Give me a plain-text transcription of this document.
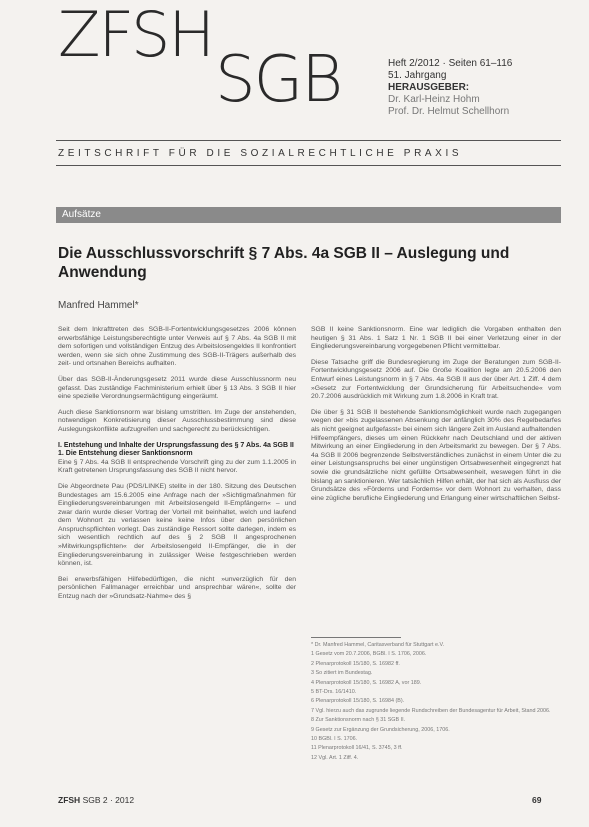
ZFSH
SGB	Heft 2/2012 · Seiten 61–116
51. Jahrgang
HERAUSGEBER:
Dr. Karl-Heinz Hohm
Prof. Dr. Helmut Schellhorn
ZEITSCHRIFT FÜR DIE SOZIALRECHTLICHE PRAXIS
Aufsätze
Die Ausschlussvorschrift § 7 Abs. 4a SGB II – Auslegung und Anwendung
Manfred Hammel*

Seit dem Inkrafttreten des SGB-II-Fortentwicklungsgesetzes 2006 können erwerbsfähige Leistungsberechtigte unter Verweis auf § 7 Abs. 4a SGB II mit dem sofortigen und vollständigen Entzug des Arbeitslosengeldes II konfrontiert werden, wenn sie sich ohne Zustimmung des SGB-II-Trägers außerhalb des zeit- und ortsnahen Bereichs aufhalten.

Über das SGB-II-Änderungsgesetz 2011 wurde diese Ausschlussnorm neu gefasst. Das zuständige Fachministerium erhielt über § 13 Abs. 3 SGB II hier eine spezielle Verordnungsermächtigung eingeräumt.

Auch diese Sanktionsnorm war bislang umstritten. Im Zuge der anstehenden, notwendigen Konkretisierung dieser Ausschlussbestimmung sind diese Auslegungskonflikte aufzugreifen und sachgerecht zu berücksichtigen.

I. Entstehung und Inhalte der Ursprungsfassung des § 7 Abs. 4a SGB II
1. Die Entstehung dieser Sanktionsnorm

Eine § 7 Abs. 4a SGB II entsprechende Vorschrift ging zu der zum 1.1.2005 in Kraft getretenen Ursprungsfassung des SGB II nicht hervor.

Die Abgeordnete Pau (PDS/LINKE) stellte in der 180. Sitzung des Deutschen Bundestages am 15.6.2005 eine Anfrage nach der »Sichtigmaßnahmen für Eingliederungsvereinbarungen mit Arbeitslosengeld II-Empfängern« – und zwar darin wurde dieser Vortrag der Vorteil mit beinhaltet, welch und laufend dem Wohnort zu verlassen keine keine Infos über den persönlichen Anspruchspflichten vorlegt. Das zuständige Ressort sollte darlegen, indem es sich wesentlich rechtlich auf des § 2 SGB II angesprochenen »Mitwirkungspflichten« der Arbeitslosengeld II-Empfänger, die in der Eingliederungsvereinbarung in zulässiger Weise festgeschrieben werden können, ist.

Bei erwerbsfähigen Hilfebedürftigen, die nicht »unverzüglich für den persönlichen Fallmanager erreichbar und ansprechbar wären«, sollte der Entzug nach der »Grundsatz-Nahme« des §

SGB II keine Sanktionsnorm. Eine war lediglich die Vorgaben enthalten den heutigen § 31 Abs. 1 Satz 1 Nr. 1 SGB II bei einer Verletzung einer in der Eingliederungsvereinbarung vorgegebenen Pflicht vermittelbar.

Diese Tatsache griff die Bundesregierung im Zuge der Beratungen zum SGB-II-Fortentwicklungsgesetz 2006 auf. Die Große Koalition legte am 20.5.2006 den Entwurf eines Leistungsnorm in § 7 Abs. 4a SGB II aus der über Art. 1 Ziff. 4 dem »Gesetz zur Fortentwicklung der Grundsicherung für Arbeitsuchende« vom 20.7.2006 ausdrücklich mit Wirkung zum 1.8.2006 in Kraft trat.

Die über § 31 SGB II bestehende Sanktionsmöglichkeit wurde nach zugegangen wegen der »bis zugelassenen Absenkung der anfänglich 30% des Regelbedarfes als nicht geeignet aufgefasst« bei einem sich längere Zeit im Ausland aufhaltenden Hilfeempfängers, dieses um einen Rückkehr nach Deutschland und der aktiven Mitwirkung an einer Eingliederung in den Arbeitsmarkt zu bewegen. Der § 7 Abs. 4a SGB II 2006 begrenzende Selbstverständliches zunächst in einem Unter die zu einer Leistungsanspruchs bei einer ungünstigen Ortsabwesenheit eingegrenzt hat sowie die grundsätzliche nicht gefüllte Ortsabwesenheit, weswegen führt in die bislang an sanktionieren. Wer tatsächlich Hilfen erhält, der hat sich als Ausfluss der Grundsätze des »Förderns und Forderns« vor dem Wohnort zu verhalten, dass eine zügliche berufliche Eingliederung und Erlangung einer wirtschaftlichen Selbst-

* Dr. Manfred Hammel, Caritasverband für Stuttgart e.V.
1 Gesetz vom 20.7.2006, BGBl. I S. 1706, 2006.
2 Plenarprotokoll 15/180, S. 16982 ff.
3 So zitiert im Bundestag.
4 Plenarprotokoll 15/180, S. 16982 A, vor 189.
5 BT-Drs. 16/1410.
6 Plenarprotokoll 15/180, S. 16984 (B).
7 Vgl. hierzu auch das zugrunde liegende Rundschreiben der Bundesagentur für Arbeit, Stand 2006.
8 Zur Sanktionsnorm nach § 31 SGB II.
9 Gesetz zur Ergänzung der Grundsicherung, 2006, 1706.
10 BGBl. I S. 1706.
11 Plenarprotokoll 16/41, S. 3745, 3 ff.
12 Vgl. Art. 1 Ziff. 4.
ZFSH SGB 2 · 2012	69
